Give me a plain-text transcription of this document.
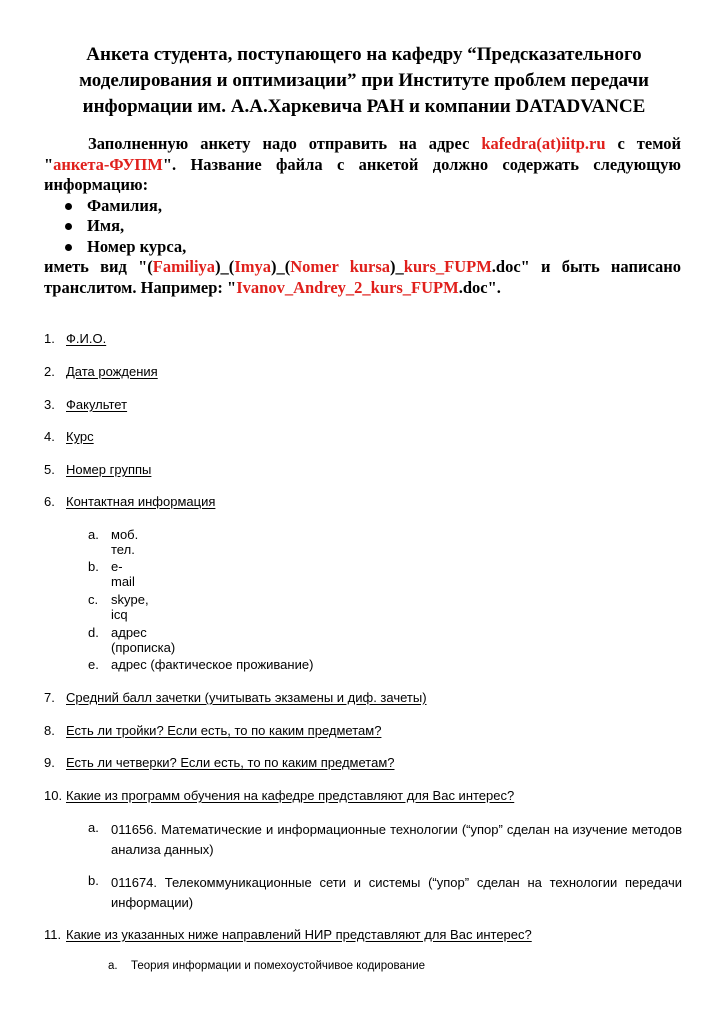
Анкета студента, поступающего на кафедру “Предсказательного моделирования и оптимизации” при Институте проблем передачи информации им. А.А.Харкевича РАН и компании DATADVANCE
Заполненную анкету надо отправить на адрес kafedra(at)iitp.ru с темой "анкета-ФУПМ". Название файла с анкетой должно содержать следующую информацию:
Фамилия,
Имя,
Номер курса,
иметь вид "(Familiya)_(Imya)_(Nomer kursa)_kurs_FUPM.doc" и быть написано транслитом. Например: "Ivanov_Andrey_2_kurs_FUPM.doc".
1. Ф.И.О.
2. Дата рождения
3. Факультет
4. Курс
5. Номер группы
6. Контактная информация
a. моб. тел.
b. e-mail
c. skype, icq
d. адрес (прописка)
e. адрес (фактическое проживание)
7. Средний балл зачетки (учитывать экзамены и диф. зачеты)
8. Есть ли тройки? Если есть, то по каким предметам?
9. Есть ли четверки? Если есть, то по каким предметам?
10. Какие из программ обучения на кафедре представляют для Вас интерес?
a. 011656. Математические и информационные технологии (“упор” сделан на изучение методов анализа данных)
b. 011674. Телекоммуникационные сети и системы (“упор” сделан на технологии передачи информации)
11. Какие из указанных ниже направлений НИР представляют для Вас интерес?
a. Теория информации и помехоустойчивое кодирование
